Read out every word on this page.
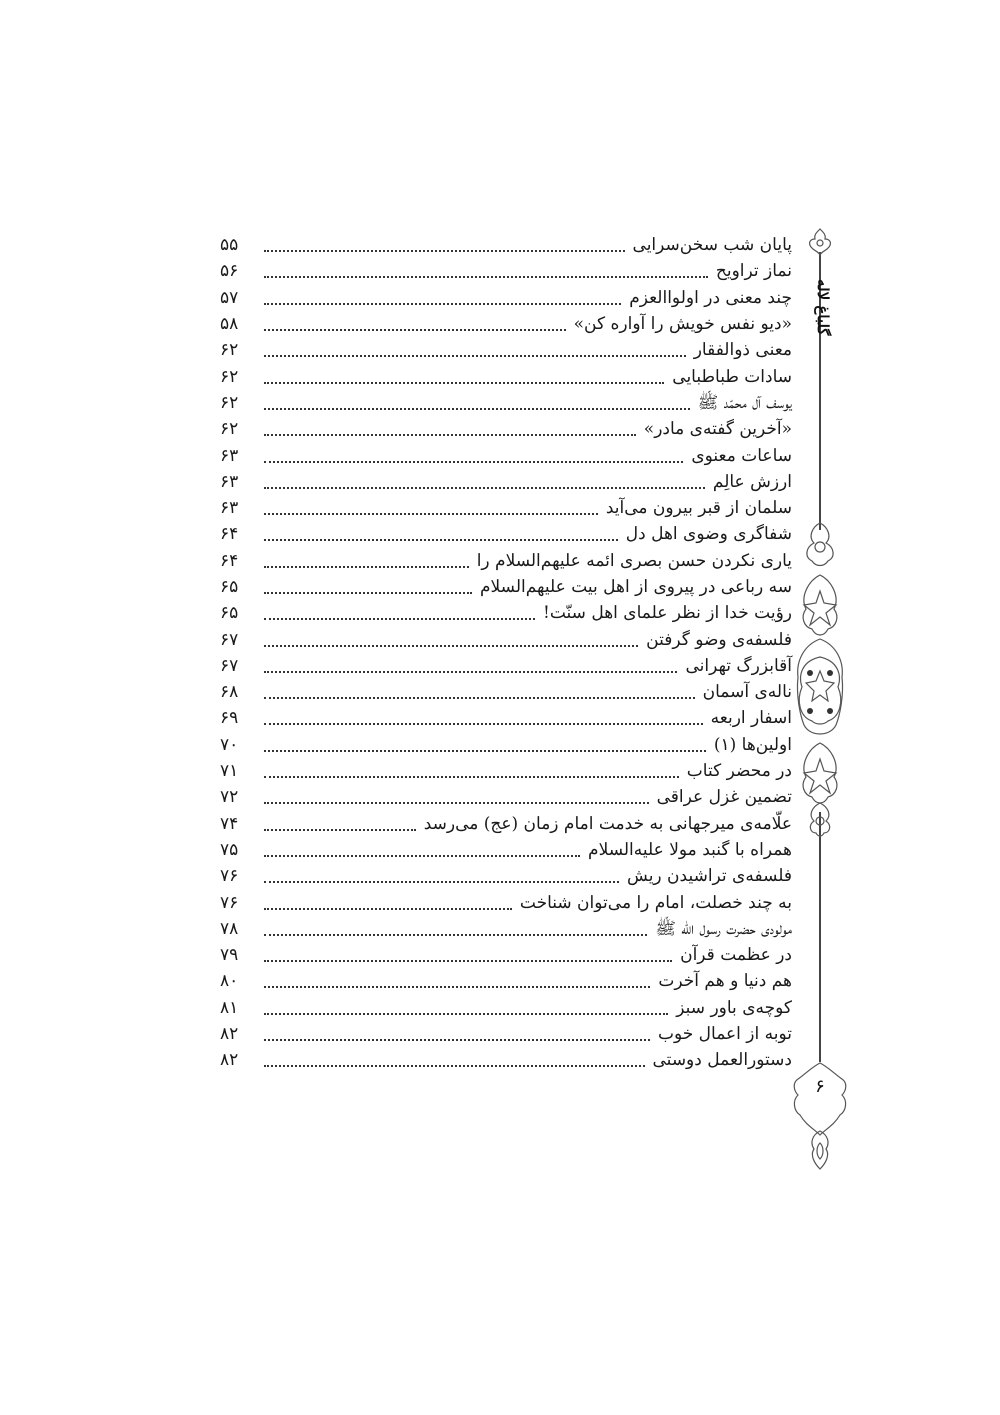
پایان شب سخن‌سرایی
۵۵
نماز تراویح
۵۶
چند معنی در اولواالعزم
۵۷
«دیو نفس خویش را آواره کن»
۵۸
معنی ذوالفقار
۶۲
سادات طباطبایی
۶۲
یوسف آل محمّد ﷺ
۶۲
«آخرین گفته‌ی مادر»
۶۲
ساعات معنوی
۶۳
ارزش عالِم
۶۳
سلمان از قبر بیرون می‌آید
۶۳
شفاگری وضوی اهل دل
۶۴
یاری نکردن حسن بصری ائمه علیهم‌السلام را
۶۴
سه رباعی در پیروی از اهل بیت علیهم‌السلام
۶۵
رؤیت خدا از نظر علمای اهل سنّت!
۶۵
فلسفه‌ی وضو گرفتن
۶۷
آقابزرگ تهرانی
۶۷
ناله‌ی آسمان
۶۸
اسفار اربعه
۶۹
اولین‌ها (۱)
۷۰
در محضر کتاب
۷۱
تضمین غزل عراقی
۷۲
علّامه‌ی میرجهانی به خدمت امام زمان (عج) می‌رسد
۷۴
همراه با گنبد مولا علیه‌السلام
۷۵
فلسفه‌ی تراشیدن ریش
۷۶
به چند خصلت، امام را می‌توان شناخت
۷۶
مولودی حضرت رسول الله ﷺ
۷۸
در عظمت قرآن
۷۹
هم دنیا و هم آخرت
۸۰
کوچه‌ی باور سبز
۸۱
توبه از اعمال خوب
۸۲
دستورالعمل دوستی
۸۲
گلباغ لاله
۶
